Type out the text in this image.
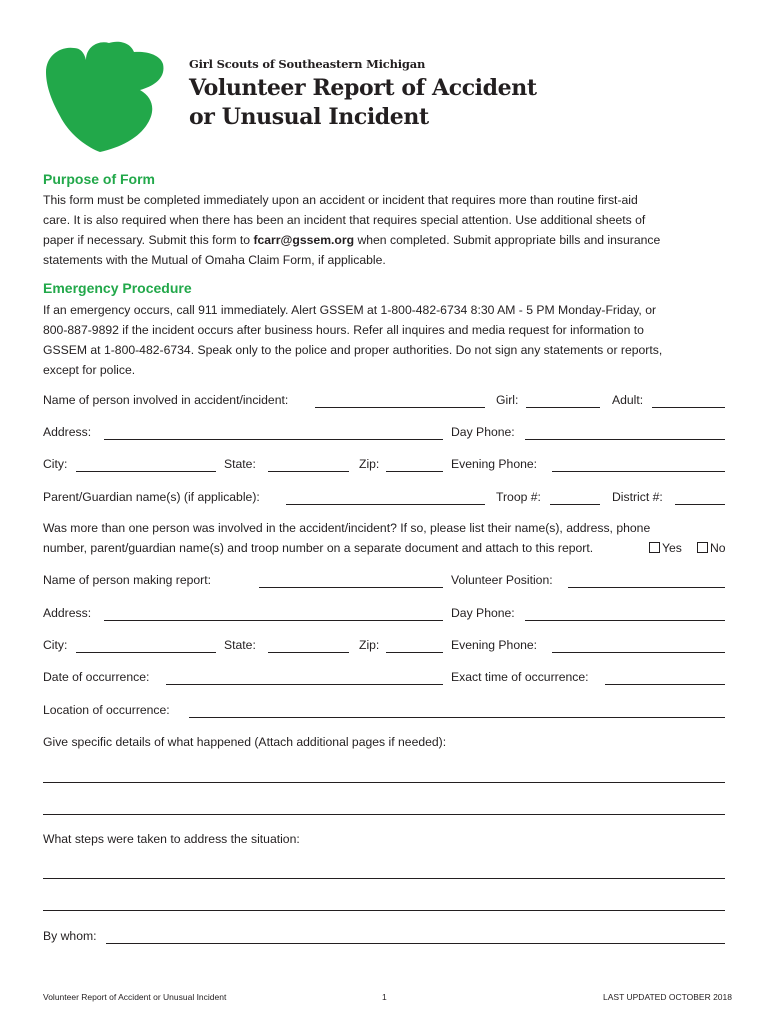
Girl Scouts of Southeastern Michigan
Volunteer Report of Accident
or Unusual Incident
Purpose of Form

This form must be completed immediately upon an accident or incident that requires more than routine first-aid

care. It is also required when there has been an incident that requires special attention. Use additional sheets of

paper if necessary. Submit this form to fcarr@gssem.org when completed. Submit appropriate bills and insurance

statements with the Mutual of Omaha Claim Form, if applicable.

Emergency Procedure

If an emergency occurs, call 911 immediately. Alert GSSEM at 1-800-482-6734 8:30 AM - 5 PM Monday-Friday, or

800-887-9892 if the incident occurs after business hours. Refer all inquires and media request for information to

GSSEM at 1-800-482-6734. Speak only to the police and proper authorities. Do not sign any statements or reports,

except for police.

Name of person involved in accident/incident:	Girl:	Adult:
Address:	Day Phone:
City:	State:	Zip:	Evening Phone:
Parent/Guardian name(s) (if applicable):	Troop #:	District #:
Was more than one person was involved in the accident/incident? If so, please list their name(s), address, phone
number, parent/guardian name(s) and troop number on a separate document and attach to this report.	Yes	No
Name of person making report:	Volunteer Position:
Address:	Day Phone:
City:	State:	Zip:	Evening Phone:
Date of occurrence:	Exact time of occurrence:
Location of occurrence:
Give specific details of what happened (Attach additional pages if needed):
What steps were taken to address the situation:
By whom:
Volunteer Report of Accident or Unusual Incident	1	LAST UPDATED OCTOBER 2018
